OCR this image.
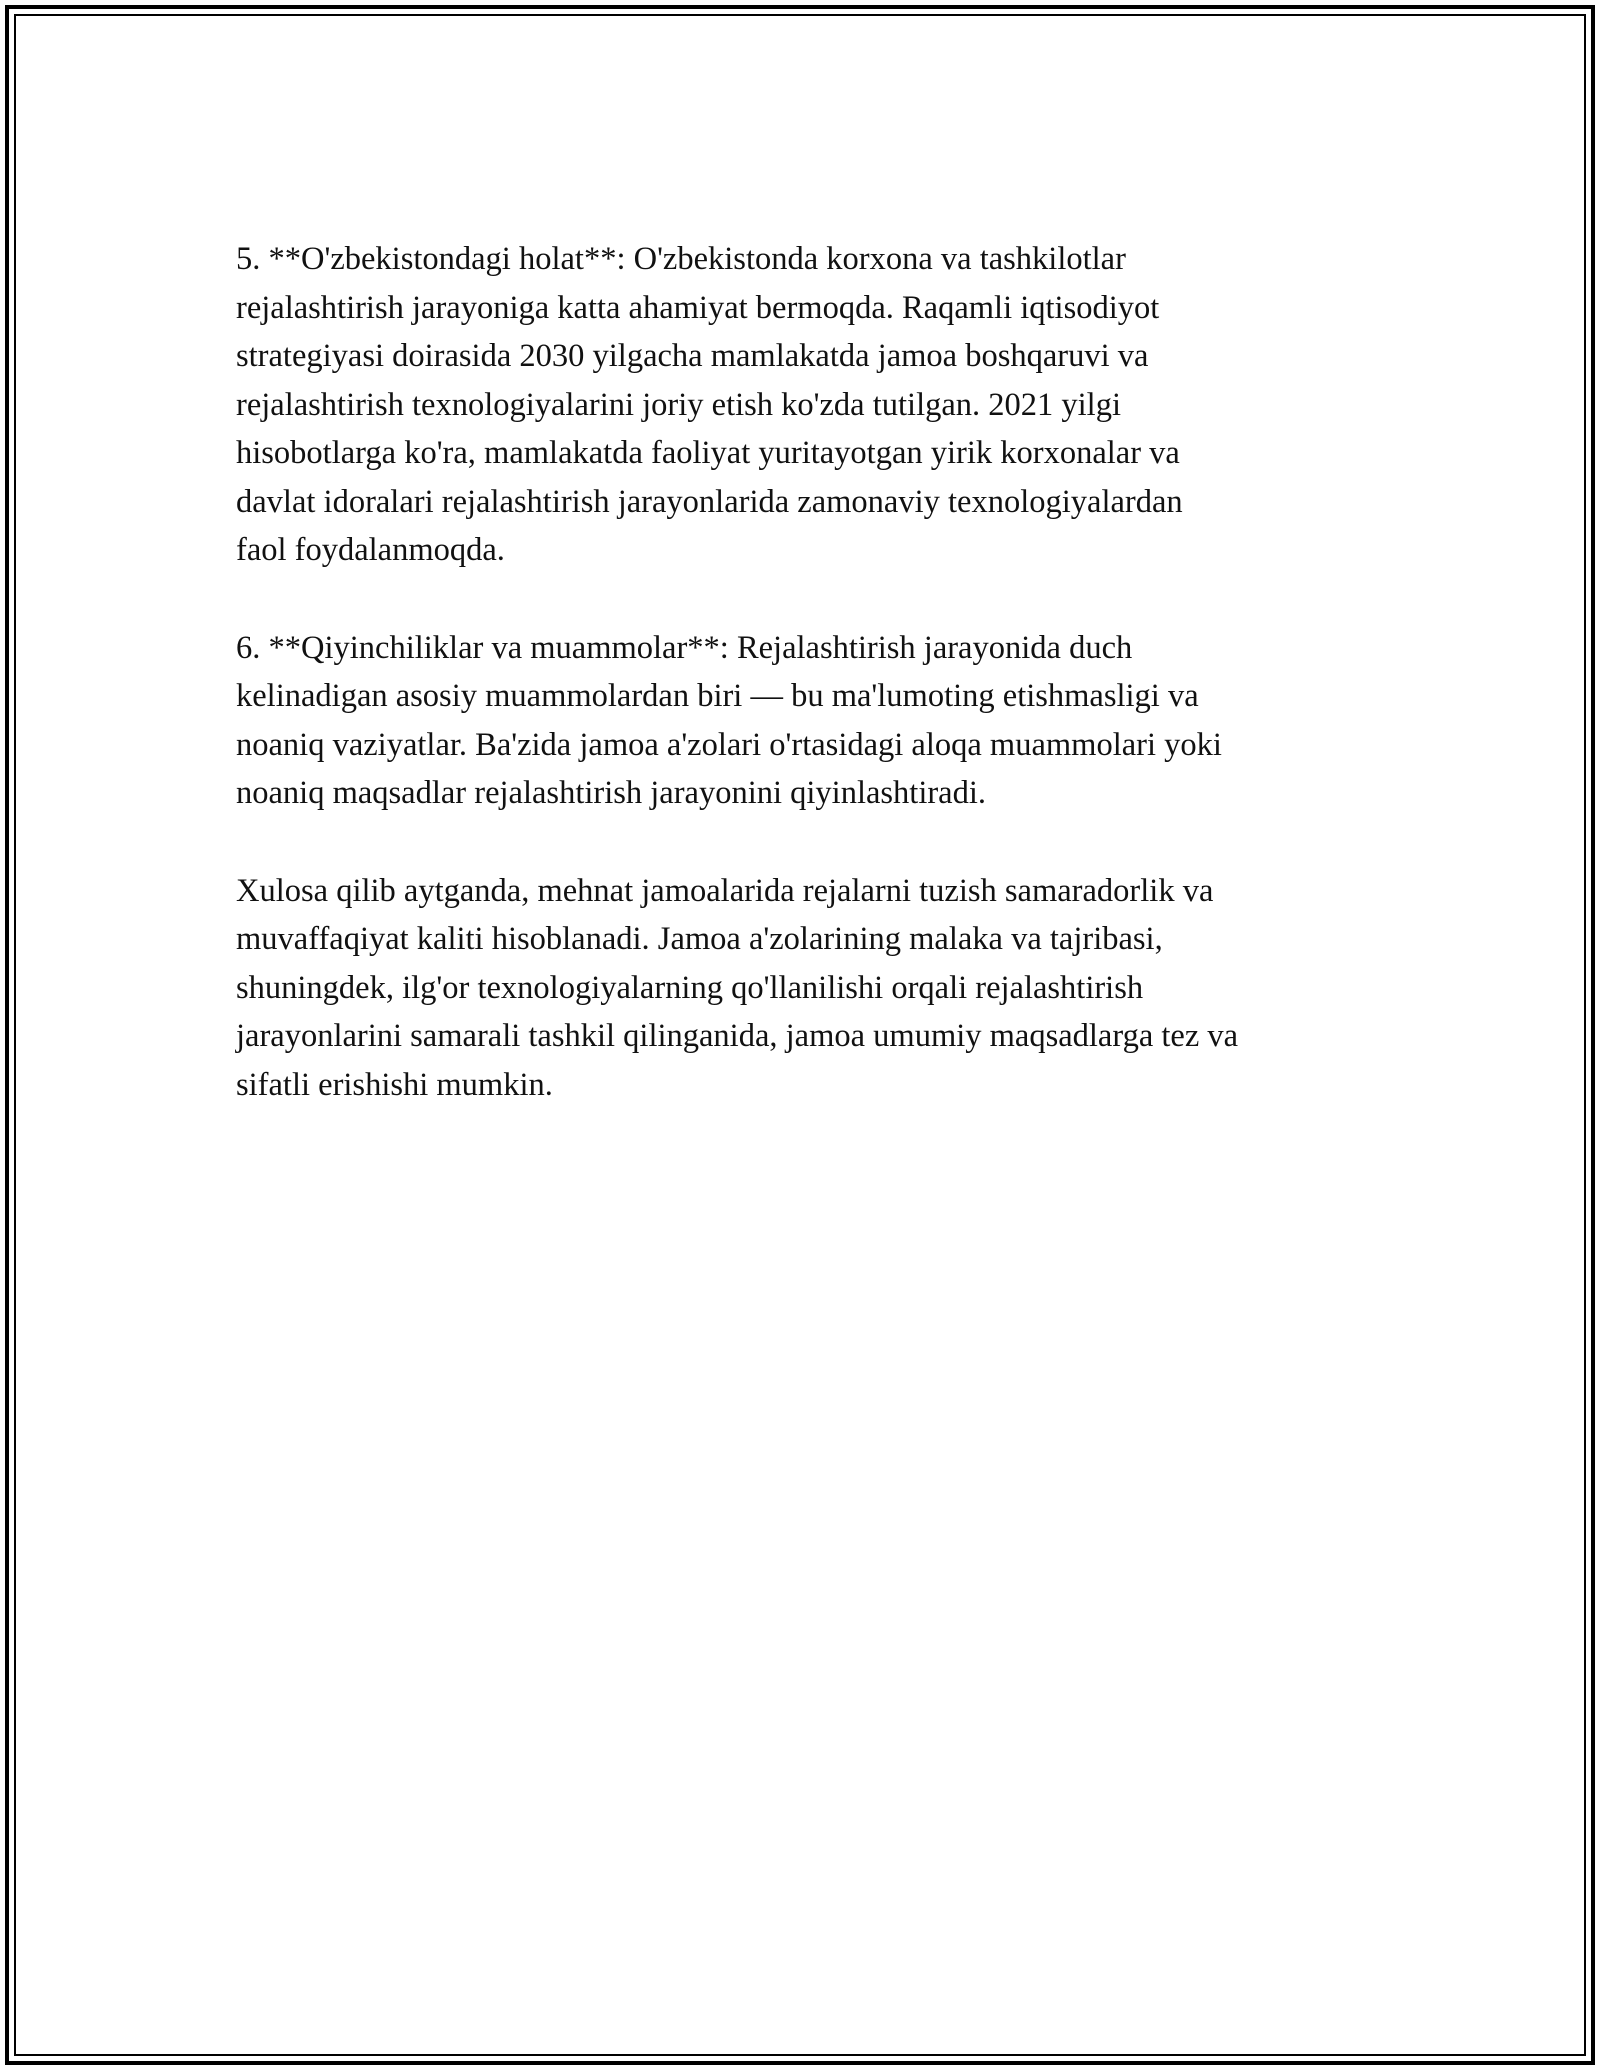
5. **O'zbekistondagi holat**: O'zbekistonda korxona va tashkilotlar
rejalashtirish jarayoniga katta ahamiyat bermoqda. Raqamli iqtisodiyot
strategiyasi doirasida 2030 yilgacha mamlakatda jamoa boshqaruvi va
rejalashtirish texnologiyalarini joriy etish ko'zda tutilgan. 2021 yilgi
hisobotlarga ko'ra, mamlakatda faoliyat yuritayotgan yirik korxonalar va
davlat idoralari rejalashtirish jarayonlarida zamonaviy texnologiyalardan
faol foydalanmoqda.

6. **Qiyinchiliklar va muammolar**: Rejalashtirish jarayonida duch
kelinadigan asosiy muammolardan biri — bu ma'lumoting etishmasligi va
noaniq vaziyatlar. Ba'zida jamoa a'zolari o'rtasidagi aloqa muammolari yoki
noaniq maqsadlar rejalashtirish jarayonini qiyinlashtiradi.

Xulosa qilib aytganda, mehnat jamoalarida rejalarni tuzish samaradorlik va
muvaffaqiyat kaliti hisoblanadi. Jamoa a'zolarining malaka va tajribasi,
shuningdek, ilg'or texnologiyalarning qo'llanilishi orqali rejalashtirish
jarayonlarini samarali tashkil qilinganida, jamoa umumiy maqsadlarga tez va
sifatli erishishi mumkin.
